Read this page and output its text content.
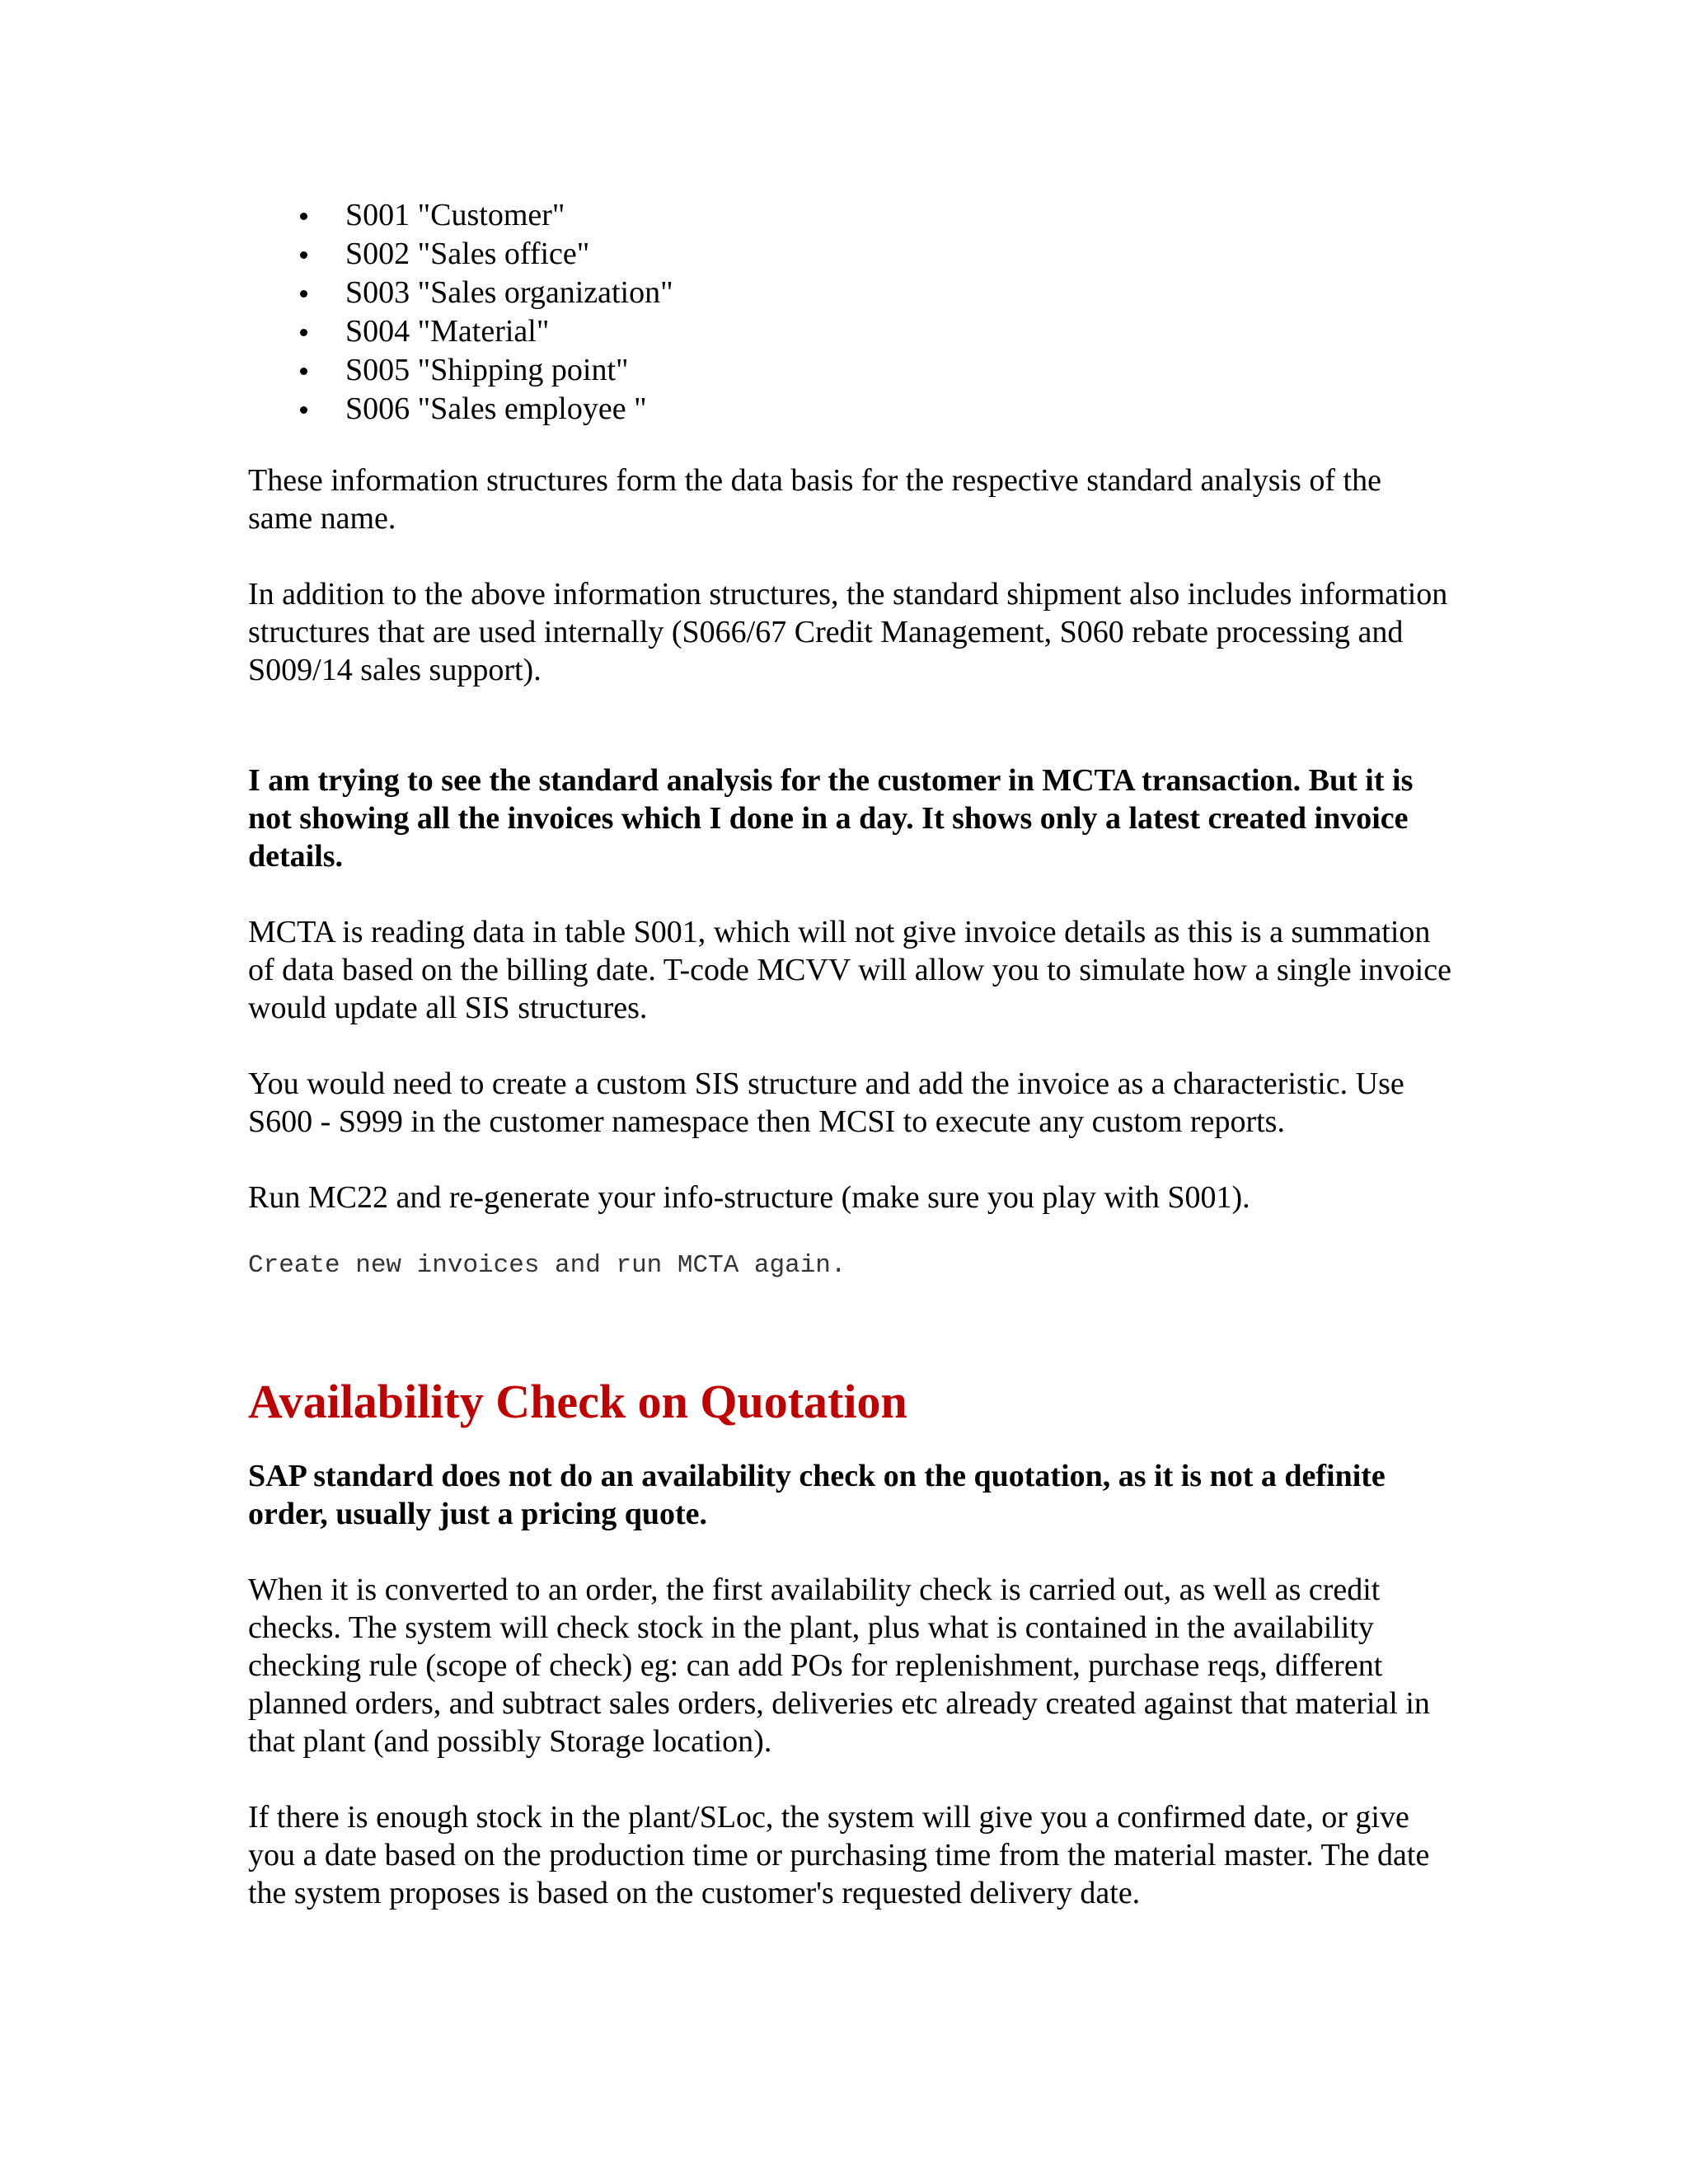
S001 "Customer"
S002 "Sales office"
S003 "Sales organization"
S004 "Material"
S005 "Shipping point"
S006 "Sales employee "

These information structures form the data basis for the respective standard analysis of the same name.

In addition to the above information structures, the standard shipment also includes information structures that are used internally (S066/67 Credit Management, S060 rebate processing and S009/14 sales support).

I am trying to see the standard analysis for the customer in MCTA transaction. But it is not showing all the invoices which I done in a day. It shows only a latest created invoice details.

MCTA is reading data in table S001, which will not give invoice details as this is a summation of data based on the billing date. T-code MCVV will allow you to simulate how a single invoice would update all SIS structures.

You would need to create a custom SIS structure and add the invoice as a characteristic. Use S600 - S999 in the customer namespace then MCSI to execute any custom reports.

Run MC22 and re-generate your info-structure (make sure you play with S001).

Create new invoices and run MCTA again.

Availability Check on Quotation

SAP standard does not do an availability check on the quotation, as it is not a definite order, usually just a pricing quote.

When it is converted to an order, the first availability check is carried out, as well as credit checks. The system will check stock in the plant, plus what is contained in the availability checking rule (scope of check) eg: can add POs for replenishment, purchase reqs, different planned orders, and subtract sales orders, deliveries etc already created against that material in that plant (and possibly Storage location).

If there is enough stock in the plant/SLoc, the system will give you a confirmed date, or give you a date based on the production time or purchasing time from the material master. The date the system proposes is based on the customer's requested delivery date.
